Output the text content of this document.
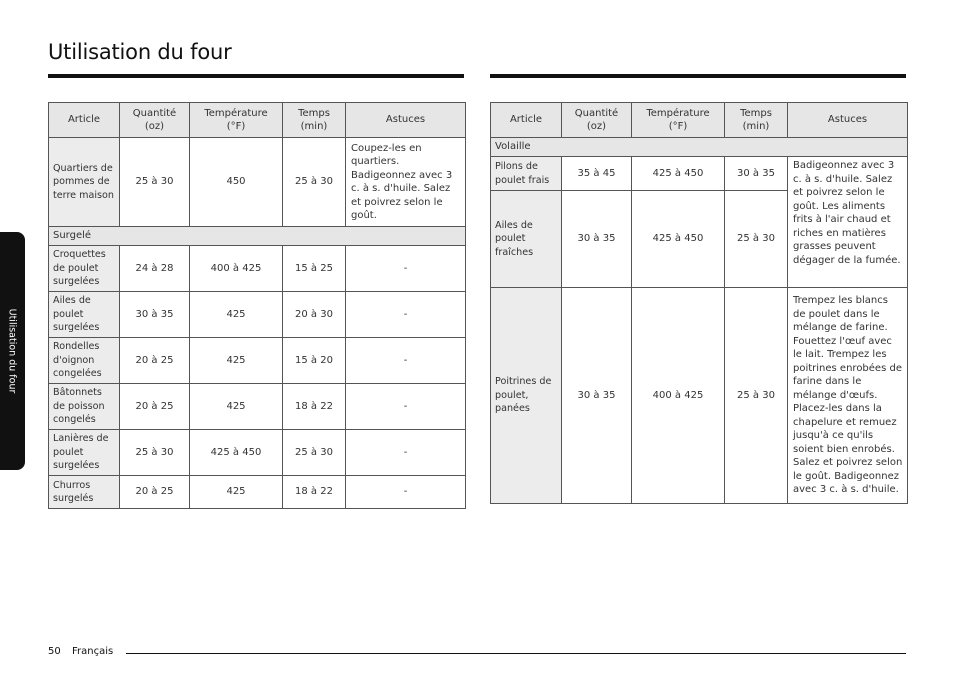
Utilisation du four
Utilisation du four
Article	Quantité (oz)	Température (°F)	Temps (min)	Astuces
Quartiers de pommes de terre maison	25 à 30	450	25 à 30	Coupez-les en quartiers. Badigeonnez avec 3 c. à s. d'huile. Salez et poivrez selon le goût.
Surgelé				
Croquettes de poulet surgelées	24 à 28	400 à 425	15 à 25	-
Ailes de poulet surgelées	30 à 35	425	20 à 30	-
Rondelles d'oignon congelées	20 à 25	425	15 à 20	-
Bâtonnets de poisson congelés	20 à 25	425	18 à 22	-
Lanières de poulet surgelées	25 à 30	425 à 450	25 à 30	-
Churros surgelés	20 à 25	425	18 à 22	-
Article	Quantité (oz)	Température (°F)	Temps (min)	Astuces
Volaille				
Pilons de poulet frais	35 à 45	425 à 450	30 à 35	Badigeonnez avec 3 c. à s. d'huile. Salez et poivrez selon le goût. Les aliments frits à l'air chaud et riches en matières grasses peuvent dégager de la fumée.
Ailes de poulet fraîches	30 à 35	425 à 450	25 à 30	
Poitrines de poulet, panées	30 à 35	400 à 425	25 à 30	Trempez les blancs de poulet dans le mélange de farine. Fouettez l'œuf avec le lait. Trempez les poitrines enrobées de farine dans le mélange d'œufs. Placez-les dans la chapelure et remuez jusqu'à ce qu'ils soient bien enrobés. Salez et poivrez selon le goût. Badigeonnez avec 3 c. à s. d'huile.
50 Français
